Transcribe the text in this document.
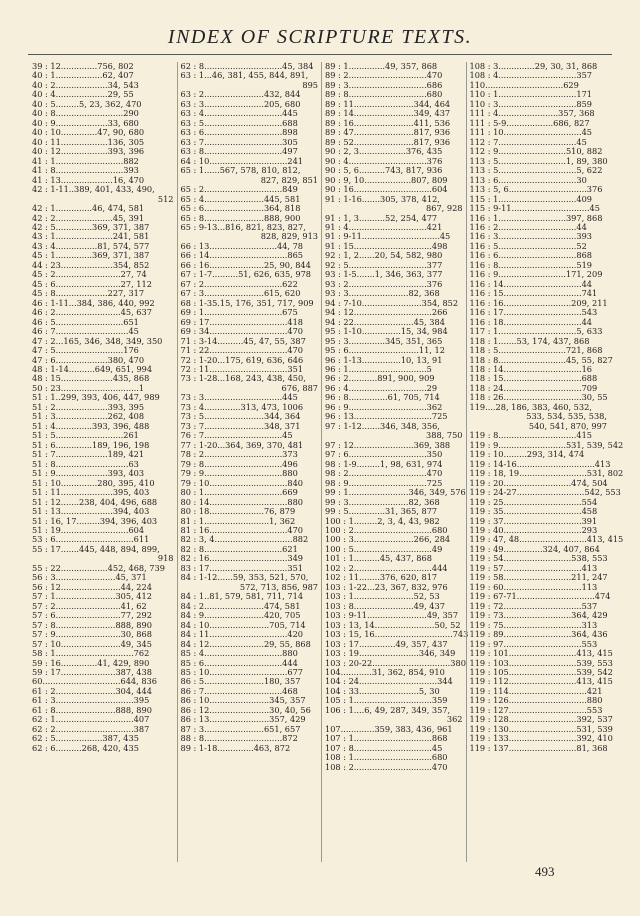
INDEX OF SCRIPTURE TEXTS.
39 : 12..............756, 802
40 : 1..................62, 407
40 : 2....................34, 543
40 : 4....................29, 55
40 : 5.........5, 23, 362, 470
40 : 8..........................290
40 : 9....................33, 680
40 : 10..............47, 90, 680
40 : 11..................136, 305
40 : 12..................393, 396
41 : 1..........................882
41 : 8..........................393
41 : 13....................16, 470
42 : 1-11..389, 401, 433, 490,
512
42 : 1..............46, 474, 581
42 : 2......................45, 391
42 : 5..............369, 371, 387
43 : 1......................241, 581
43 : 4................81, 574, 577
45 : 1..............369, 371, 387
44 : 23....................354, 852
45 : 2.........................27, 74
45 : 6.........................27, 112
45 : 8....................227, 317
46 : 1-11...384, 386, 440, 992
46 : 2.........................45, 637
46 : 5..........................651
46 : 7............................45
47 : 2...165, 346, 348, 349, 350
47 : 5..........................176
47 : 6....................380, 470
48 : 1-14..........649, 651, 994
48 : 15....................435, 868
50 : 23..............................1
51 : 1..299, 393, 406, 447, 989
51 : 2....................393, 395
51 : 3....................262, 408
51 : 4..............393, 396, 488
51 : 5..........................261
51 : 6..............189, 196, 198
51 : 7....................189, 421
51 : 8............................63
51 : 9....................393, 403
51 : 10..............280, 395, 410
51 : 11....................395, 403
51 : 12.......238, 404, 496, 688
51 : 13....................394, 403
51 : 16, 17.........394, 396, 403
51 : 19..........................604
53 : 6..............................611
55 : 17.......445, 448, 894, 899,
918
55 : 22..................452, 468, 739
56 : 3.......................45, 371
56 : 12.......................44, 224
57 : 1.......................305, 412
57 : 2.........................41, 62
57 : 6.........................77, 292
57 : 8.......................888, 890
57 : 9.........................30, 868
57 : 10.......................49, 345
58 : 1..............................762
59 : 16..............41, 429, 890
59 : 17.....................387, 438
60..............................644, 836
61 : 2.......................304, 444
61 : 3..............................395
61 : 8.......................888, 890
62 : 1..............................407
62 : 2..............................387
62 : 5..................387, 435
62 : 6..........268, 420, 435
62 : 8..............................45, 384
63 : 1...46, 381, 455, 844, 891,
895
63 : 2.......................432, 844
63 : 3.......................205, 680
63 : 4..............................445
63 : 5..............................688
63 : 6..............................898
63 : 7..............................305
63 : 8..............................497
64 : 10..............................241
65 : 1......567, 578, 810, 812,
827, 829, 851
65 : 2..............................849
65 : 4.......................445, 581
65 : 6.......................364, 818
65 : 8.......................888, 900
65 : 9-13...816, 821, 823, 827,
828, 829, 913
66 : 13..........................44, 78
66 : 14..............................865
66 : 16.....................25, 90, 844
67 : 1-7..........51, 626, 635, 978
67 : 2..............................622
67 : 3.......................615, 620
68 : 1-35.15, 176, 351, 717, 909
69 : 1..............................675
69 : 17..............................418
69 : 34..............................470
71 : 3-14..........45, 47, 55, 387
71 : 22..............................470
72 : 1-20...175, 619, 636, 646
72 : 11..............................351
73 : 1-28...168, 243, 438, 450,
676, 887
73 : 3..............................445
73 : 4..............313, 473, 1006
73 : 5.......................344, 364
73 : 7.......................348, 371
76 : 7..............................45
77 : 1-20...364, 369, 370, 481
78 : 2..............................373
79 : 8..............................496
79 : 9..............................880
79 : 10..............................840
80 : 1..............................669
80 : 14..............................880
80 : 18.....................76, 879
81 : 1.........................1, 362
81 : 16..............................470
82 : 3, 4..............................882
82 : 8..............................621
82 : 16..............................349
83 : 17..............................351
84 : 1-12......59, 353, 521, 570,
572, 713, 856, 987
84 : 1..81, 579, 581, 711, 714
84 : 2.......................474, 581
84 : 9.......................420, 705
84 : 10.......................705, 714
84 : 11..............................420
84 : 12.....................29, 55, 868
85 : 4..............................880
85 : 6..............................444
85 : 10..............................677
86 : 5.......................180, 357
86 : 7..............................468
86 : 10.......................345, 357
86 : 12.......................30, 40, 56
86 : 13.......................357, 429
87 : 3.......................651, 657
88 : 8..............................872
89 : 1-18..............463, 872
89 : 1..............49, 357, 868
89 : 2..............................470
89 : 3..............................686
89 : 8..............................680
89 : 11.......................344, 464
89 : 14.......................349, 437
89 : 16.......................411, 536
89 : 47.......................817, 936
89 : 52.......................817, 936
90 : 2, 3..................376, 435
90 : 4..............................376
90 : 5, 6..........743, 817, 936
90 : 9, 10..................807, 809
90 : 16..............................604
91 : 1-16.......305, 378, 412,
867, 928
91 : 1, 3..........52, 254, 477
91 : 4..............................421
91 : 9-11..............................45
91 : 15..............................498
92 : 1, 2......20, 54, 582, 980
92 : 5..............................377
93 : 1-5.......1, 346, 363, 377
93 : 2..............................376
93 : 3.......................82, 368
94 : 7-10.......................354, 852
94 : 12..............................266
94 : 22.......................45, 384
95 : 1-10...............15, 34, 984
95 : 3..............345, 351, 365
95 : 6...........................11, 12
96 : 1-13...............10, 13, 91
96 : 1..............................5
96 : 2...........891, 900, 909
96 : 4..............................29
96 : 8...............61, 705, 714
96 : 9..............................362
96 : 13..............................725
97 : 1-12.......346, 348, 356,
388, 750
97 : 12.......................369, 388
97 : 6..............................350
98 : 1-9.........1, 98, 631, 974
98 : 2..............................470
98 : 9..............................725
99 : 1.......................346, 349, 576
99 : 3.......................82, 368
99 : 5..............31, 365, 877
100 : 1.........2, 3, 4, 43, 982
100 : 2..............................680
100 : 3.......................266, 284
100 : 5..............................49
101 : 1..........45, 437, 868
102 : 2..............................444
102 : 11........376, 620, 817
103 : 1-22...23, 367, 832, 976
103 : 1.......................52, 53
103 : 8.......................49, 437
103 : 9-11.......................49, 357
103 : 13, 14.......................50, 52
103 : 15, 16..............................743
103 : 17..............49, 357, 437
103 : 19.......................346, 349
103 : 20-22..............................380
104............31, 362, 854, 910
104 : 24..............................344
104 : 33.......................5, 30
105 : 1..............................359
106 : 1....6, 49, 287, 349, 357,
362
107.............359, 383, 436, 961
107 : 1..............................868
107 : 8..............................45
108 : 1..............................680
108 : 2..............................470
108 : 3..............29, 30, 31, 868
108 : 4..............................357
110..............................629
110 : 1..............................171
110 : 3..............................859
111 : 4.......................357, 368
111 : 5-9..................686, 827
111 : 10..............................45
112 : 7..............................45
112 : 9..........................510, 882
113 : 5..........................1, 89, 380
113 : 5..............................5, 622
113 : 6..............................30
113 : 5, 6..............................376
115 : 1..............................409
115 : 9-11..............................45
116 : 1..........................397, 868
116 : 2..............................44
116 : 3..............................393
116 : 5..............................52
116 : 6..............................868
116 : 8..............................519
116 : 9..........................171, 209
116 : 14..............................44
116 : 15..............................741
116 : 16..........................209, 211
116 : 17..............................543
116 : 18..............................44
117 : 1..............................5, 633
118 : 1.......53, 174, 437, 868
118 : 5..........................721, 868
118 : 8..........................45, 55, 827
118 : 14..............................16
118 : 15..............................688
118 : 24..............................709
118 : 26..............................30, 55
119....28, 186, 383, 460, 532,
533, 534, 535, 538,
540, 541, 870, 997
119 : 8..............................415
119 : 9..........................531, 539, 542
119 : 10.........293, 314, 474
119 : 14-16..............................413
119 : 18, 19..........................531, 802
119 : 20..........................474, 504
119 : 24-27..........................542, 553
119 : 25..............................554
119 : 35..............................458
119 : 37..............................391
119 : 40..............................293
119 : 47, 48..........................413, 415
119 : 49...............324, 407, 864
119 : 54..........................538, 553
119 : 57..............................413
119 : 58..........................211, 247
119 : 60..............................113
119 : 67-71..............................474
119 : 72..............................537
119 : 73..........................364, 429
119 : 75..............................313
119 : 89..........................364, 436
119 : 97..............................553
119 : 101..........................413, 415
119 : 103..........................539, 553
119 : 105..........................539, 542
119 : 112..........................413, 415
119 : 114..............................421
119 : 126..............................880
119 : 127..............................553
119 : 128..........................392, 537
119 : 130..........................531, 539
119 : 133..........................392, 410
119 : 137..........................81, 368
493
